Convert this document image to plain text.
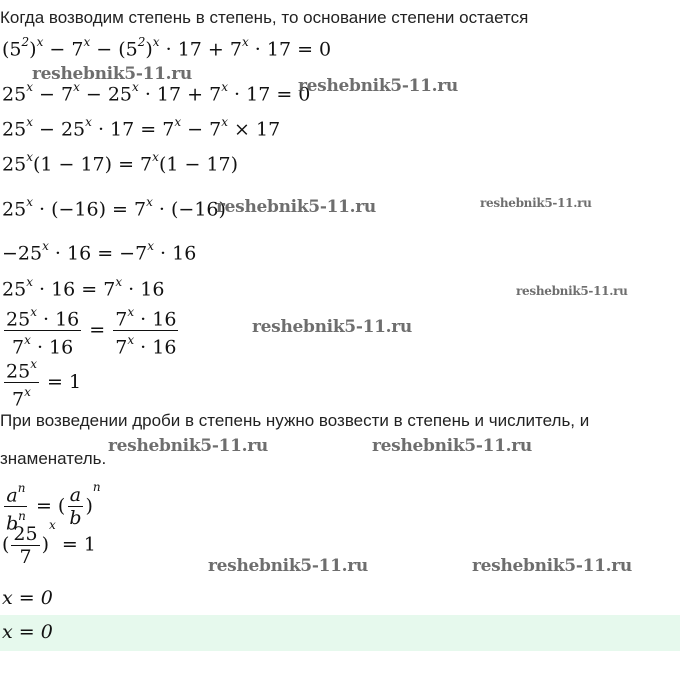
Когда возводим степень в степень, то основание степени остается
$(5^2)^x - 7^x - (5^2)^x \cdot 17 + 7^x \cdot 17 = 0$
$25^x - 7^x - 25^x \cdot 17 + 7^x \cdot 17 = 0$
$25^x - 25^x \cdot 17 = 7^x - 7^x \times 17$
$25^x(1 - 17) = 7^x(1 - 17)$
$25^x \cdot (-16) = 7^x \cdot (-16)$
$-25^x \cdot 16 = -7^x \cdot 16$
$25^x \cdot 16 = 7^x \cdot 16$
$\frac{25^x \cdot 16}{7^x \cdot 16} = \frac{7^x \cdot 16}{7^x \cdot 16}$
$\frac{25^x}{7^x} = 1$
При возведении дроби в степень нужно возвести в степень и числитель, и
знаменатель.
$\frac{a^n}{b^n}$ = ( $\frac{a}{b} )^n$
( $\frac{25}{7} )^x = 1$
x = 0
x = 0
reshebnik5-11.ru
reshebnik5-11.ru
reshebnik5-11.ru	reshebnik5-11.ru
reshebnik5-11.ru
reshebnik5-11.ru
reshebnik5-11.ru	reshebnik5-11.ru
reshebnik5-11.ru	reshebnik5-11.ru
